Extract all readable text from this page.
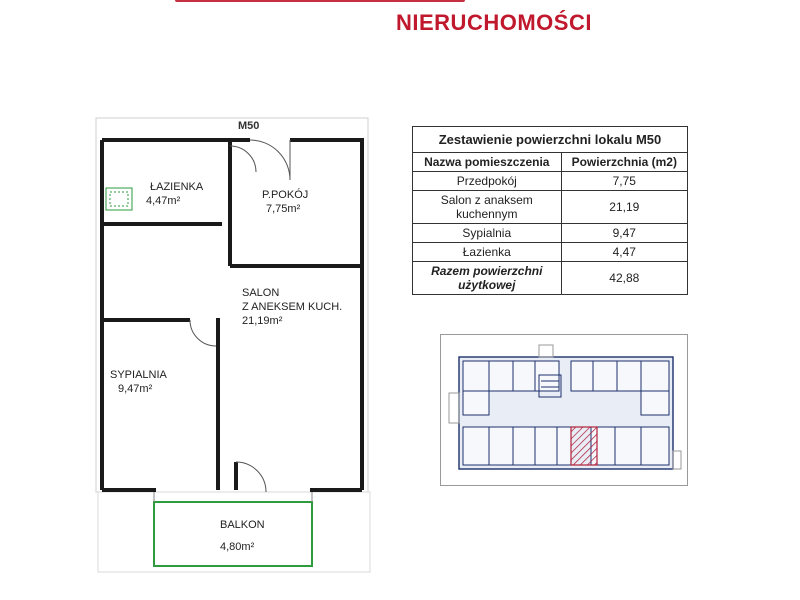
NIERUCHOMOŚCI
M50
ŁAZIENKA
4,47m²	P.POKÓJ
7,75m²
SALON
Z ANEKSEM KUCH.
21,19m²
SYPIALNIA
9,47m²
BALKON
4,80m²
Zestawienie powierzchni lokalu M50	
Nazwa pomieszczenia	Powierzchnia (m2)
Przedpokój	7,75
Salon z anaksem
kuchennym	21,19
Sypialnia	9,47
Łazienka	4,47
Razem powierzchni
użytkowej	42,88
